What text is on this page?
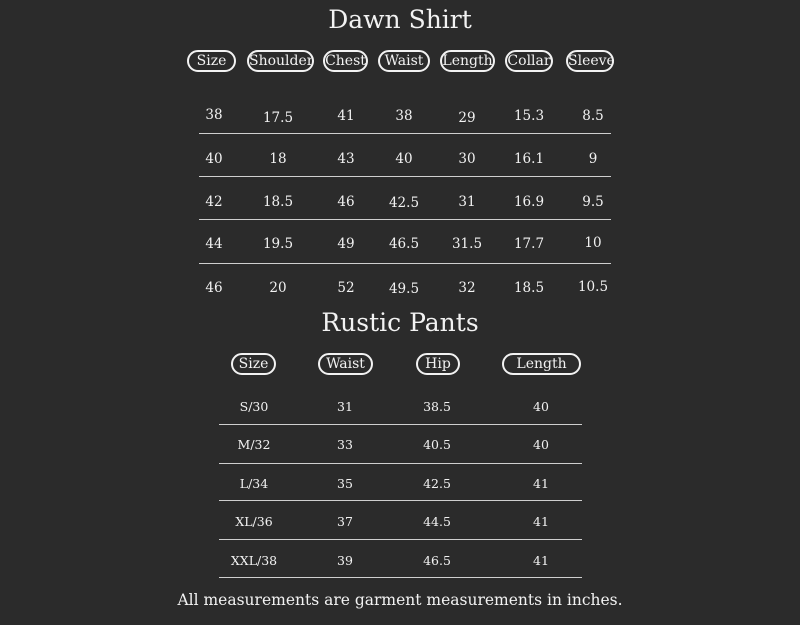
Dawn Shirt
Size	Shoulder Chest	Waist	Length Collar Sleeve
38	17.5	41	38	29	15.3	8.5
40	18	43	40	30	16.1	9
42	18.5	46	42.5	31	16.9	9.5
44	19.5	49	46.5	31.5	17.7	10
46	20	52	49.5	32	18.5	10.5
Rustic Pants
Size	Waist	Hip	Length
S/30	31	38.5	40
M/32	33	40.5	40
L/34	35	42.5	41
XL/36	37	44.5	41
XXL/38	39	46.5	41
All measurements are garment measurements in inches.
